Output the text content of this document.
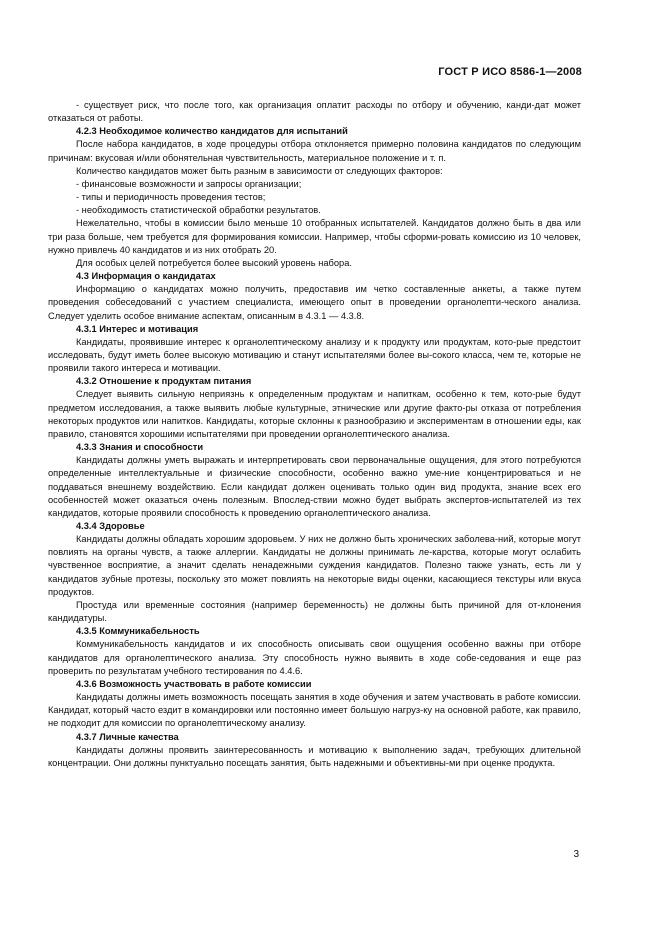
ГОСТ Р ИСО 8586-1—2008

- существует риск, что после того, как организация оплатит расходы по отбору и обучению, канди-дат может отказаться от работы.

4.2.3 Необходимое количество кандидатов для испытаний

После набора кандидатов, в ходе процедуры отбора отклоняется примерно половина кандидатов по следующим причинам: вкусовая и/или обонятельная чувствительность, материальное положение и т. п.

Количество кандидатов может быть разным в зависимости от следующих факторов:

- финансовые возможности и запросы организации;

- типы и периодичность проведения тестов;

- необходимость статистической обработки результатов.

Нежелательно, чтобы в комиссии было меньше 10 отобранных испытателей. Кандидатов должно быть в два или три раза больше, чем требуется для формирования комиссии. Например, чтобы сформи-ровать комиссию из 10 человек, нужно привлечь 40 кандидатов и из них отобрать 20.

Для особых целей потребуется более высокий уровень набора.

4.3 Информация о кандидатах

Информацию о кандидатах можно получить, предоставив им четко составленные анкеты, а также путем проведения собеседований с участием специалиста, имеющего опыт в проведении органолепти-ческого анализа. Следует уделить особое внимание аспектам, описанным в 4.3.1 — 4.3.8.

4.3.1 Интерес и мотивация

Кандидаты, проявившие интерес к органолептическому анализу и к продукту или продуктам, кото-рые предстоит исследовать, будут иметь более высокую мотивацию и станут испытателями более вы-сокого класса, чем те, которые не проявили такого интереса и мотивации.

4.3.2 Отношение к продуктам питания

Следует выявить сильную неприязнь к определенным продуктам и напиткам, особенно к тем, кото-рые будут предметом исследования, а также выявить любые культурные, этнические или другие факто-ры отказа от потребления некоторых продуктов или напитков. Кандидаты, которые склонны к разнообразию и экспериментам в отношении еды, как правило, становятся хорошими испытателями при проведении органолептического анализа.

4.3.3 Знания и способности

Кандидаты должны уметь выражать и интерпретировать свои первоначальные ощущения, для этого потребуются определенные интеллектуальные и физические способности, особенно важно уме-ние концентрироваться и не поддаваться внешнему воздействию. Если кандидат должен оценивать только один вид продукта, знание всех его особенностей может оказаться очень полезным. Впослед-ствии можно будет выбрать экспертов-испытателей из тех кандидатов, которые проявили способность к проведению органолептического анализа.

4.3.4 Здоровье

Кандидаты должны обладать хорошим здоровьем. У них не должно быть хронических заболева-ний, которые могут повлиять на органы чувств, а также аллергии. Кандидаты не должны принимать ле-карства, которые могут ослабить чувственное восприятие, а значит сделать ненадежными суждения кандидатов. Полезно также узнать, есть ли у кандидатов зубные протезы, поскольку это может повлиять на некоторые виды оценки, касающиеся текстуры или вкуса продуктов.

Простуда или временные состояния (например беременность) не должны быть причиной для от-клонения кандидатуры.

4.3.5 Коммуникабельность

Коммуникабельность кандидатов и их способность описывать свои ощущения особенно важны при отборе кандидатов для органолептического анализа. Эту способность нужно выявить в ходе собе-седования и еще раз проверить по результатам учебного тестирования по 4.4.6.

4.3.6 Возможность участвовать в работе комиссии

Кандидаты должны иметь возможность посещать занятия в ходе обучения и затем участвовать в работе комиссии. Кандидат, который часто ездит в командировки или постоянно имеет большую нагруз-ку на основной работе, как правило, не подходит для комиссии по органолептическому анализу.

4.3.7 Личные качества

Кандидаты должны проявить заинтересованность и мотивацию к выполнению задач, требующих длительной концентрации. Они должны пунктуально посещать занятия, быть надежными и объективны-ми при оценке продукта.

3
